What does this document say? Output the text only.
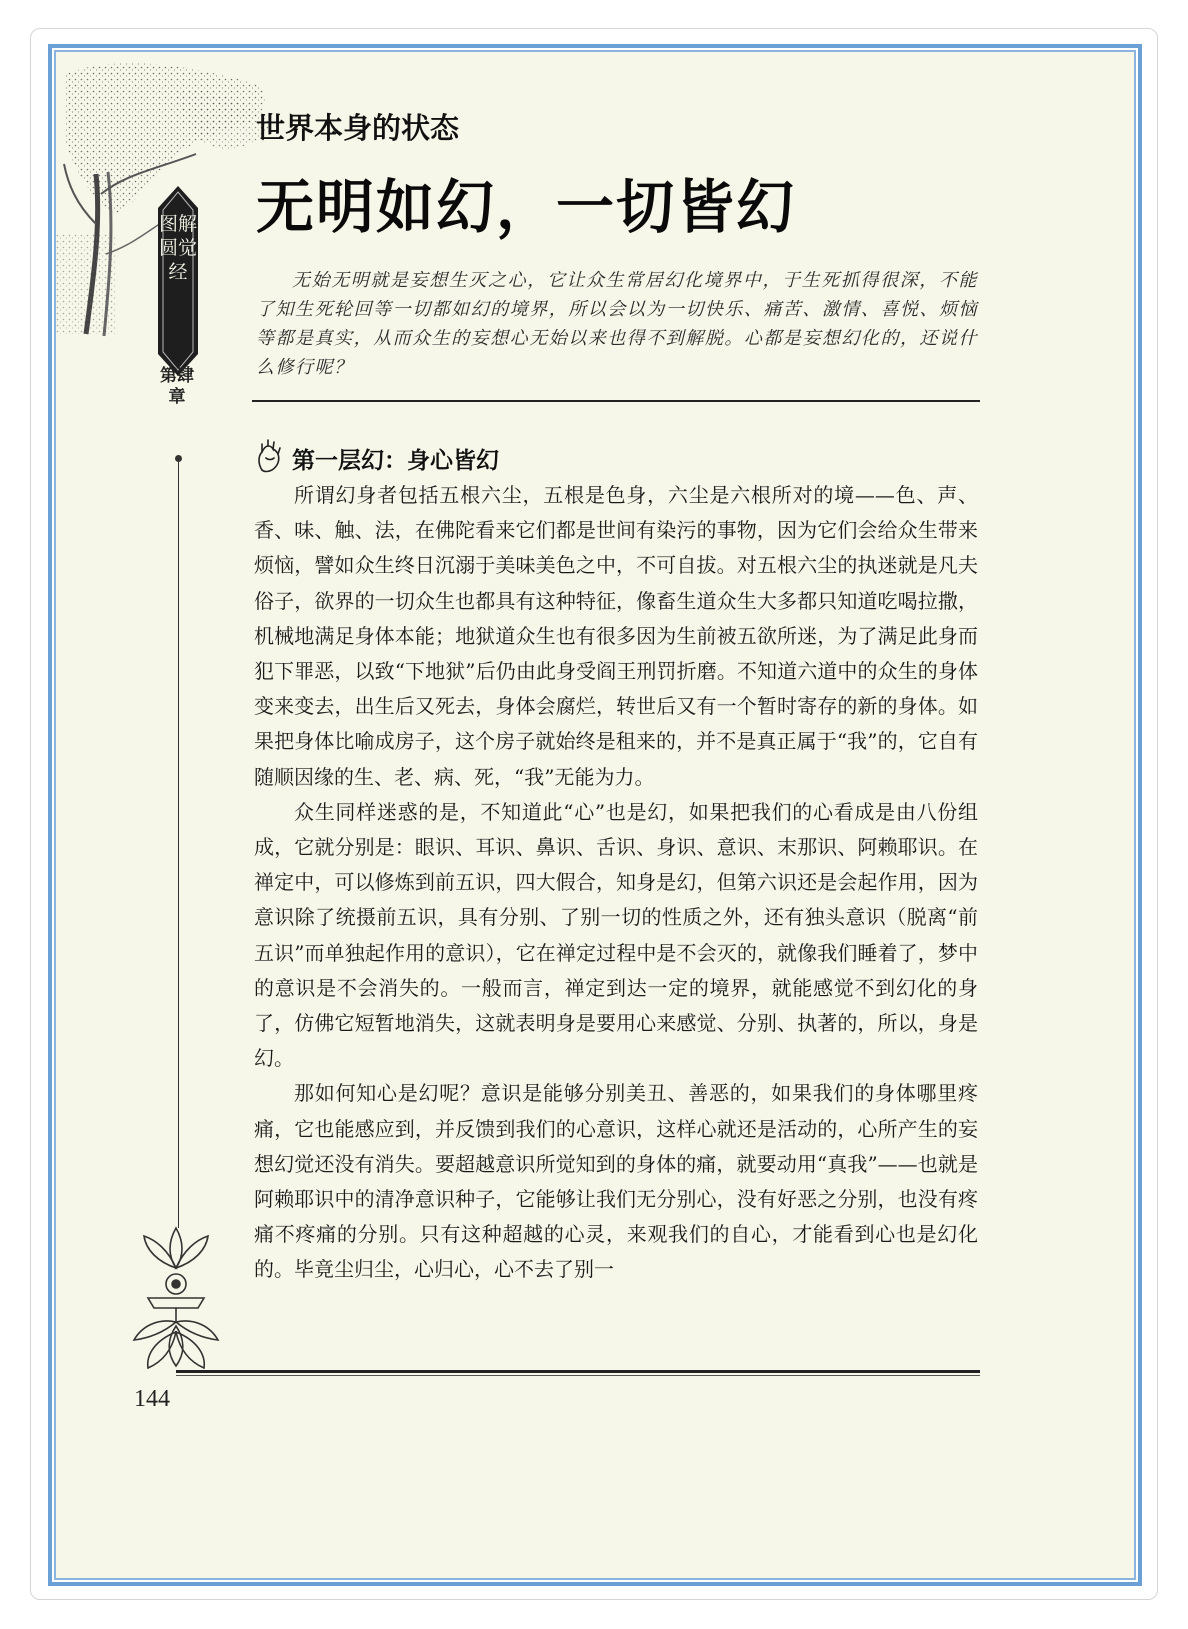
图解圆觉经
第肆章
世界本身的状态
无明如幻，一切皆幻

无始无明就是妄想生灭之心，它让众生常居幻化境界中，于生死抓得很深，不能了知生死轮回等一切都如幻的境界，所以会以为一切快乐、痛苦、激情、喜悦、烦恼等都是真实，从而众生的妄想心无始以来也得不到解脱。心都是妄想幻化的，还说什么修行呢？

第一层幻：身心皆幻

所谓幻身者包括五根六尘，五根是色身，六尘是六根所对的境——色、声、香、味、触、法，在佛陀看来它们都是世间有染污的事物，因为它们会给众生带来烦恼，譬如众生终日沉溺于美味美色之中，不可自拔。对五根六尘的执迷就是凡夫俗子，欲界的一切众生也都具有这种特征，像畜生道众生大多都只知道吃喝拉撒，机械地满足身体本能；地狱道众生也有很多因为生前被五欲所迷，为了满足此身而犯下罪恶，以致“下地狱”后仍由此身受阎王刑罚折磨。不知道六道中的众生的身体变来变去，出生后又死去，身体会腐烂，转世后又有一个暂时寄存的新的身体。如果把身体比喻成房子，这个房子就始终是租来的，并不是真正属于“我”的，它自有随顺因缘的生、老、病、死，“我”无能为力。

众生同样迷惑的是，不知道此“心”也是幻，如果把我们的心看成是由八份组成，它就分别是：眼识、耳识、鼻识、舌识、身识、意识、末那识、阿赖耶识。在禅定中，可以修炼到前五识，四大假合，知身是幻，但第六识还是会起作用，因为意识除了统摄前五识，具有分别、了别一切的性质之外，还有独头意识（脱离“前五识”而单独起作用的意识），它在禅定过程中是不会灭的，就像我们睡着了，梦中的意识是不会消失的。一般而言，禅定到达一定的境界，就能感觉不到幻化的身了，仿佛它短暂地消失，这就表明身是要用心来感觉、分别、执著的，所以，身是幻。

那如何知心是幻呢？意识是能够分别美丑、善恶的，如果我们的身体哪里疼痛，它也能感应到，并反馈到我们的心意识，这样心就还是活动的，心所产生的妄想幻觉还没有消失。要超越意识所觉知到的身体的痛，就要动用“真我”——也就是阿赖耶识中的清净意识种子，它能够让我们无分别心，没有好恶之分别，也没有疼痛不疼痛的分别。只有这种超越的心灵，来观我们的自心，才能看到心也是幻化的。毕竟尘归尘，心归心，心不去了别一

144
